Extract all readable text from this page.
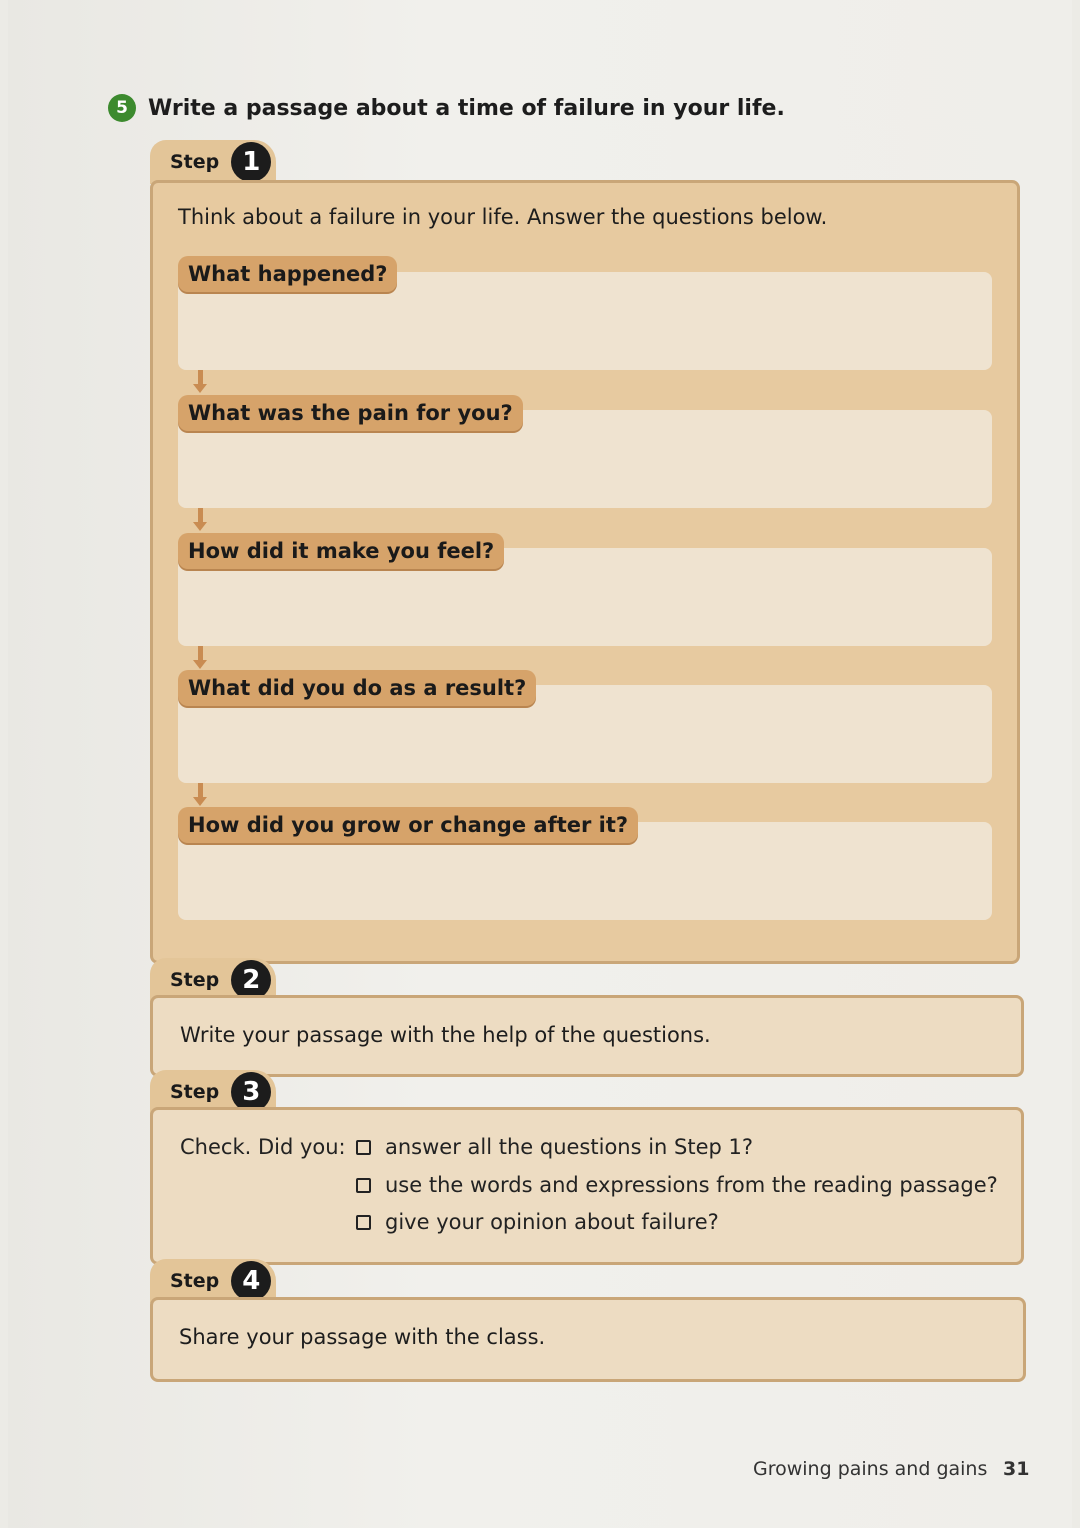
5 Write a passage about a time of failure in your life.
Step 1
Think about a failure in your life. Answer the questions below.
What happened?
What was the pain for you?
How did it make you feel?
What did you do as a result?
How did you grow or change after it?
Step 2
Write your passage with the help of the questions.
Step 3
Check. Did you: answer all the questions in Step 1?
use the words and expressions from the reading passage?
give your opinion about failure?
Step 4
Share your passage with the class.
Growing pains and gains 31
